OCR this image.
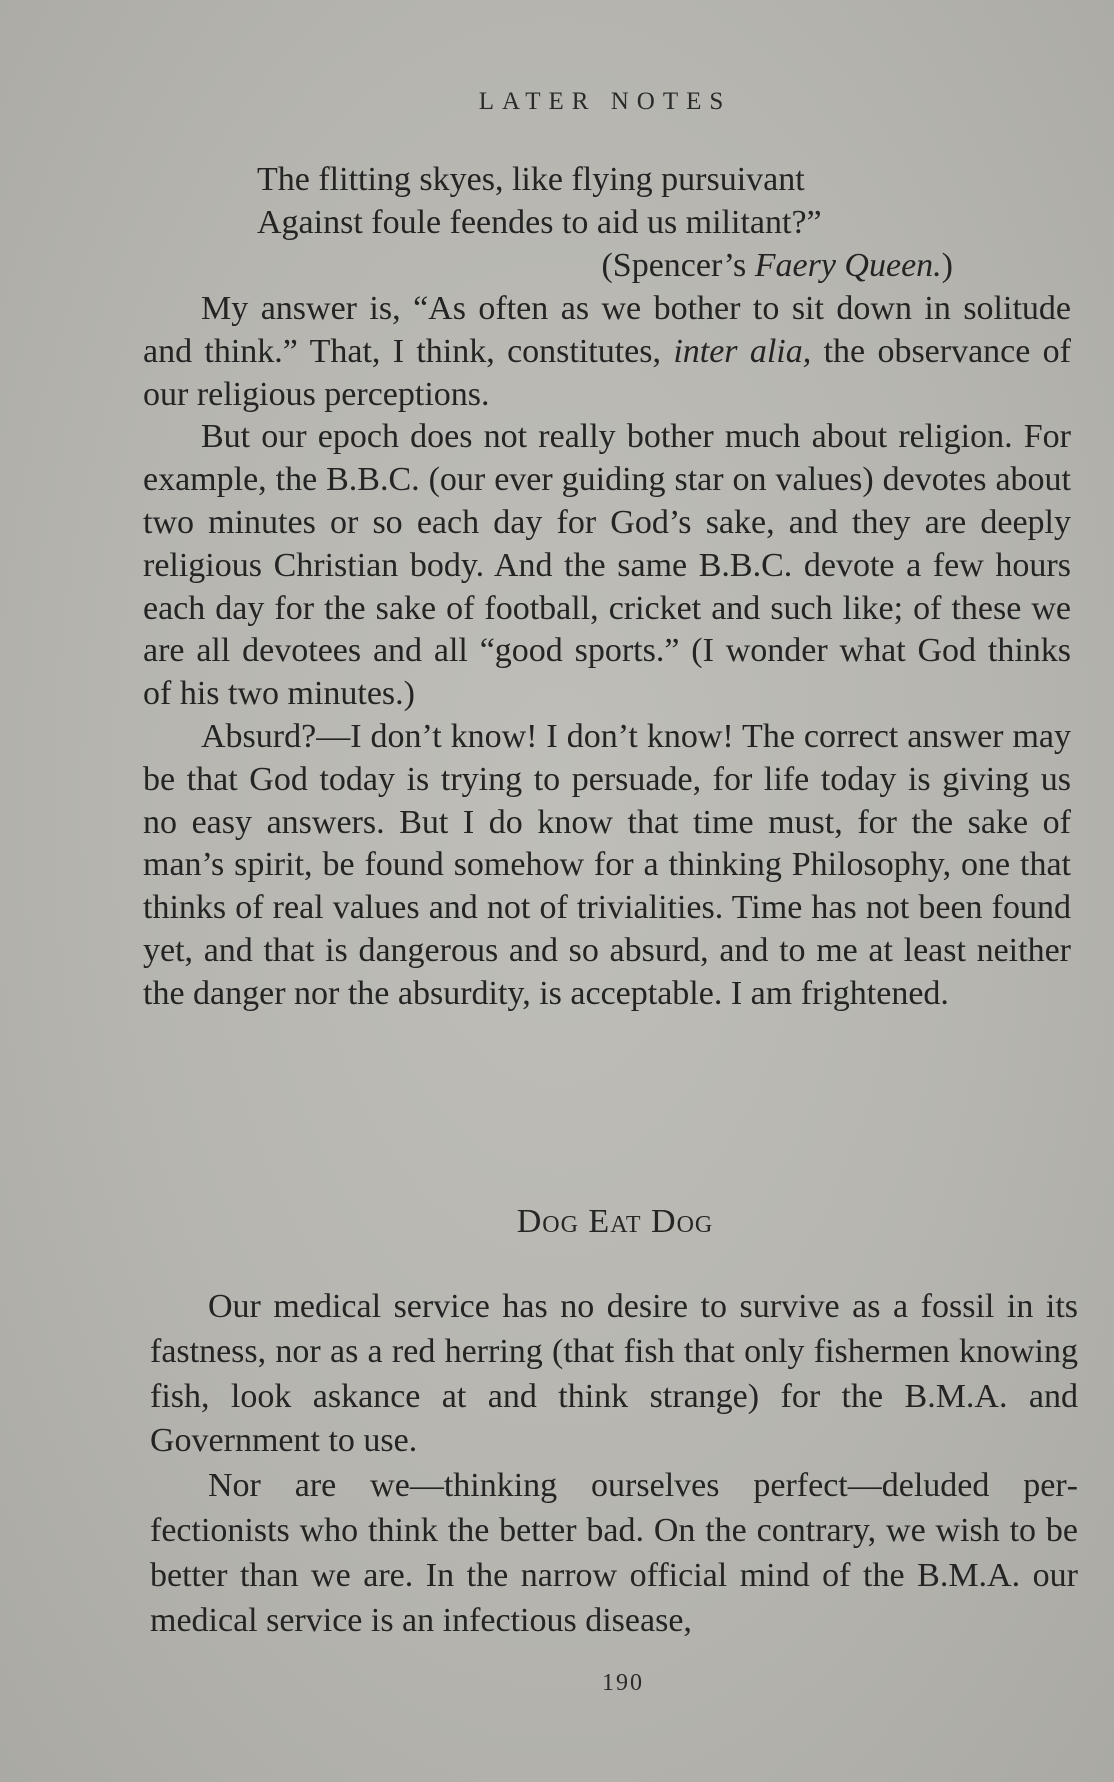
LATER NOTES
The flitting skyes, like flying pursuivant
Against foule feendes to aid us militant?”
(Spencer’s Faery Queen.)

My answer is, “As often as we bother to sit down in solitude and think.” That, I think, constitutes, inter alia, the observance of our religious perceptions.

But our epoch does not really bother much about religion. For example, the B.B.C. (our ever guiding star on values) devotes about two minutes or so each day for God’s sake, and they are deeply religious Christian body. And the same B.B.C. devote a few hours each day for the sake of football, cricket and such like; of these we are all devotees and all “good sports.” (I wonder what God thinks of his two minutes.)

Absurd?—I don’t know! I don’t know! The correct answer may be that God today is trying to persuade, for life today is giving us no easy answers. But I do know that time must, for the sake of man’s spirit, be found somehow for a thinking Philosophy, one that thinks of real values and not of trivialities. Time has not been found yet, and that is dangerous and so absurd, and to me at least neither the danger nor the absurdity, is acceptable. I am frightened.

Dog Eat Dog

Our medical service has no desire to survive as a fossil in its fastness, nor as a red herring (that fish that only fishermen knowing fish, look askance at and think strange) for the B.M.A. and Government to use.

Nor are we—thinking ourselves perfect—deluded per‐fectionists who think the better bad. On the contrary, we wish to be better than we are. In the narrow official mind of the B.M.A. our medical service is an infectious disease,

190
